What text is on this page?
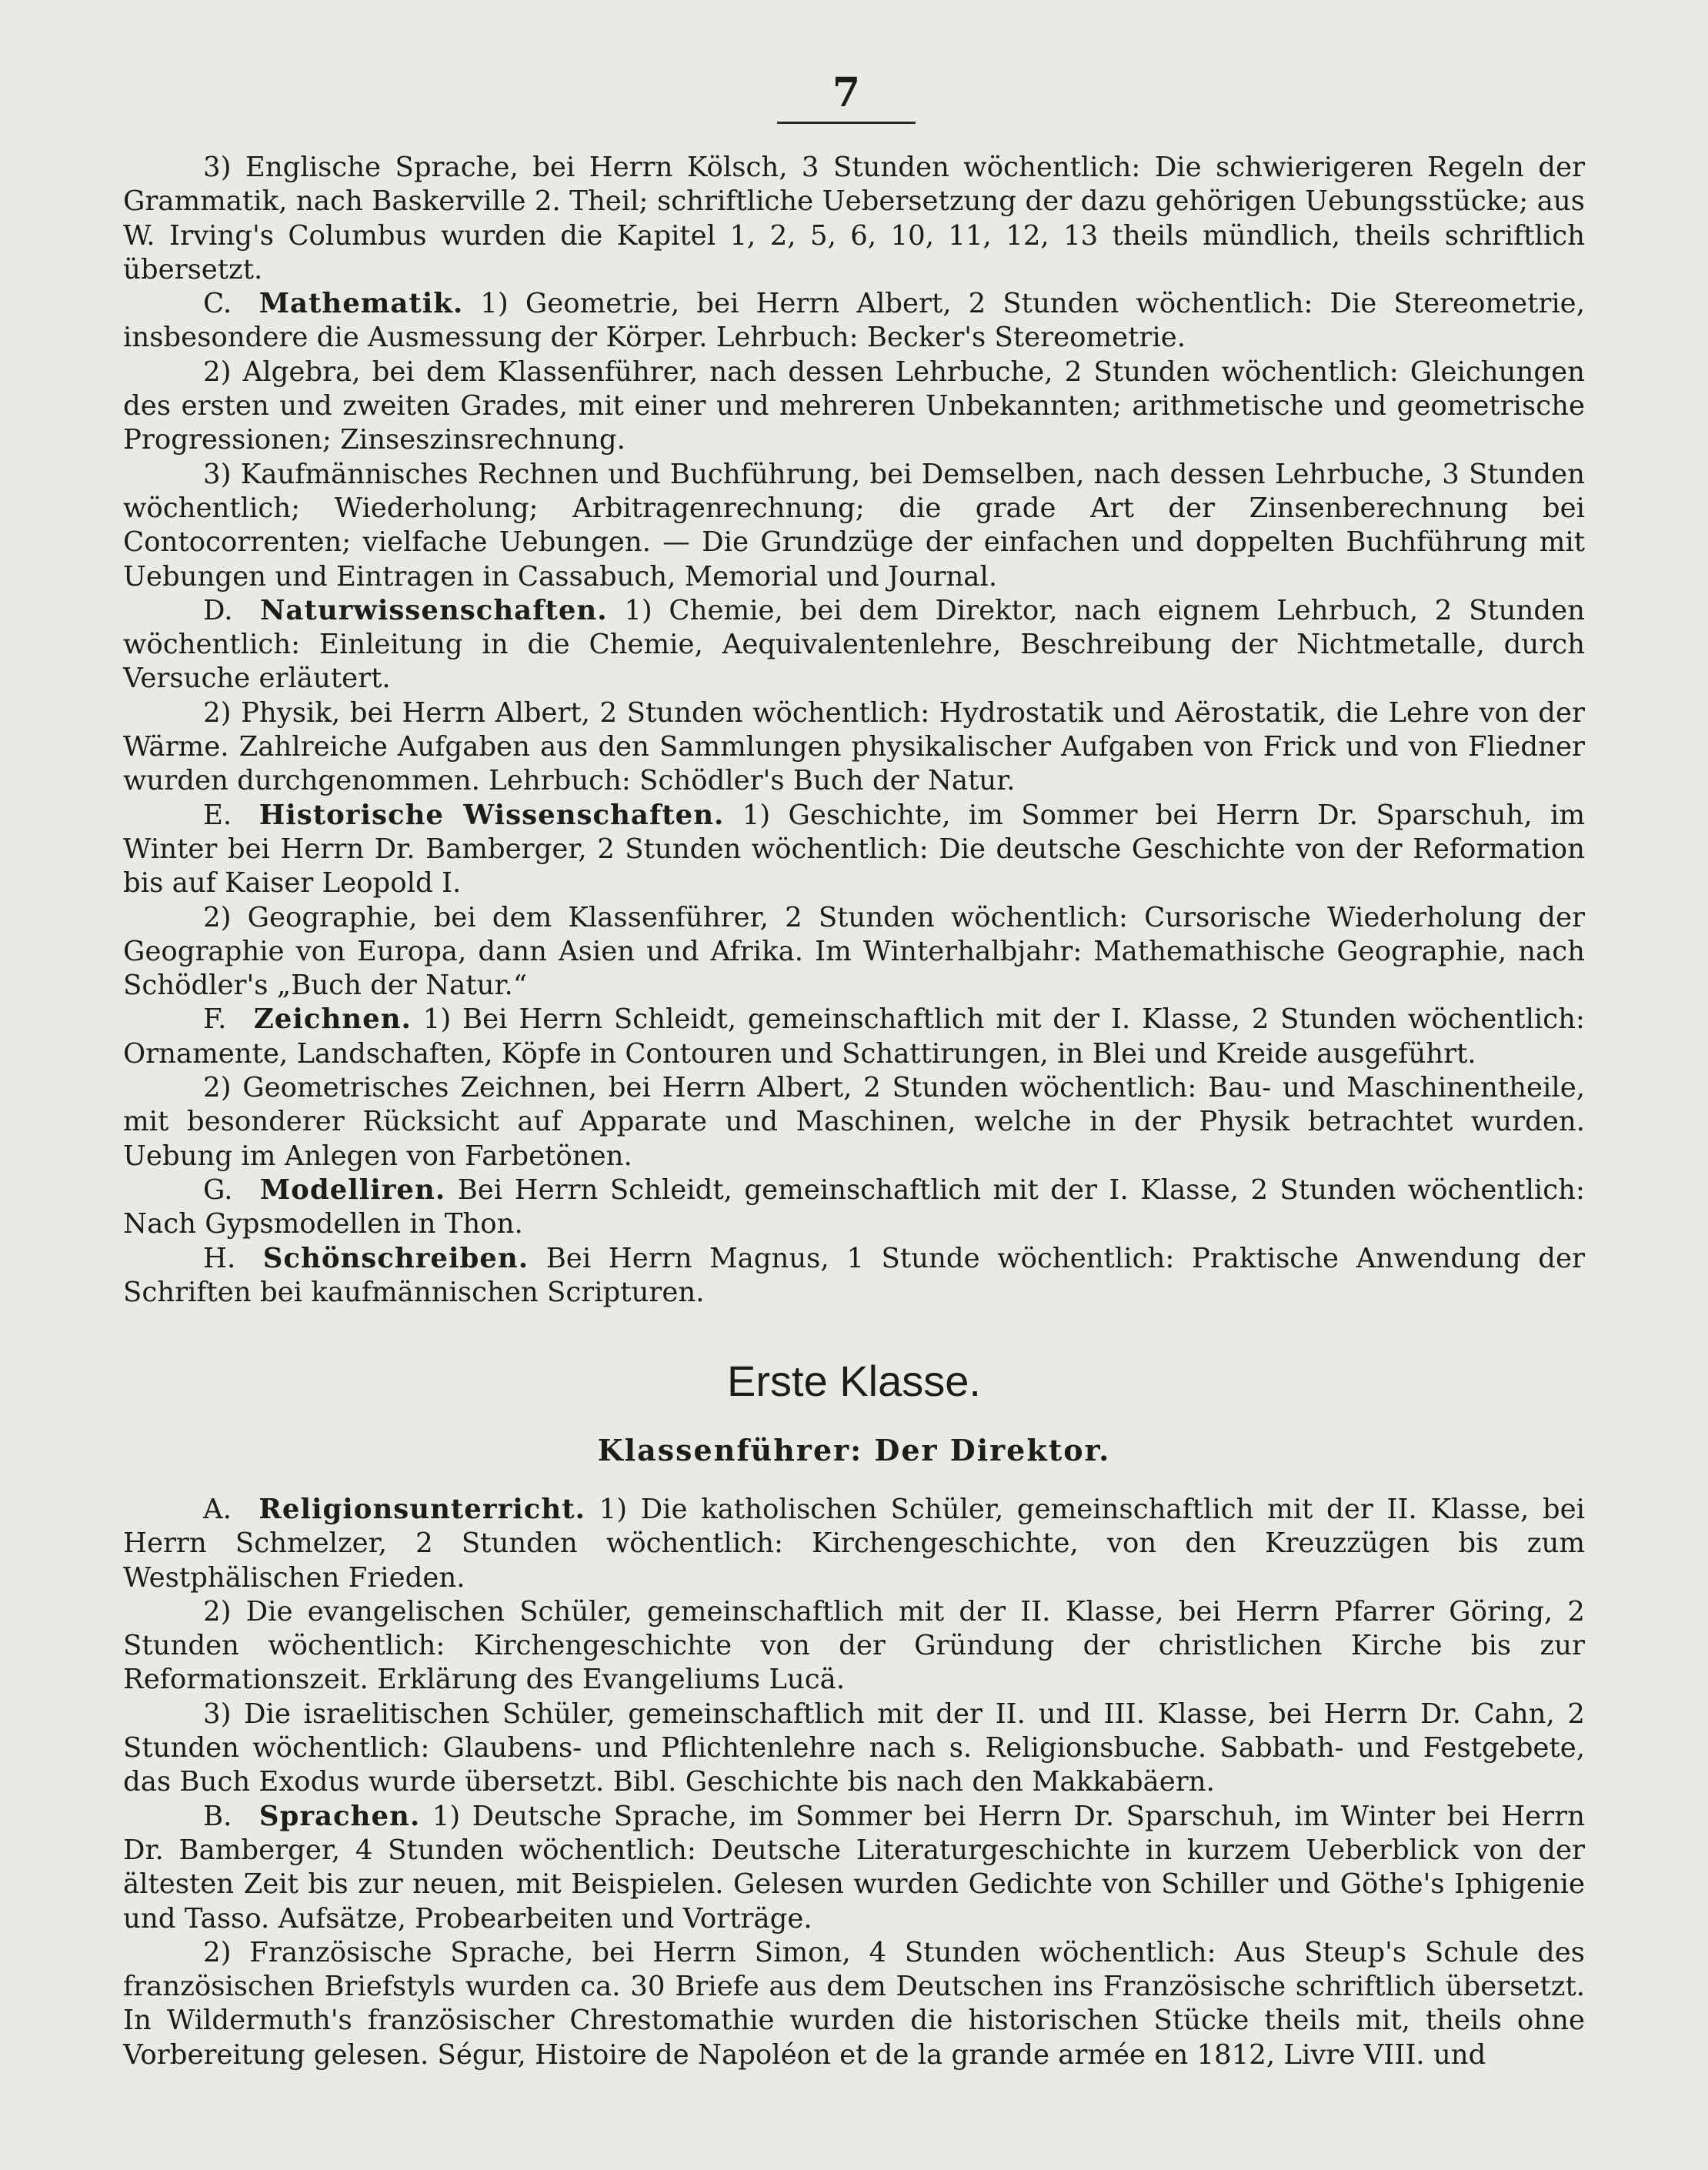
7

3) Englische Sprache, bei Herrn Kölsch, 3 Stunden wöchentlich: Die schwierigeren Regeln der Grammatik, nach Baskerville 2. Theil; schriftliche Uebersetzung der dazu gehörigen Uebungsstücke; aus W. Irving's Columbus wurden die Kapitel 1, 2, 5, 6, 10, 11, 12, 13 theils mündlich, theils schriftlich übersetzt.

C.  Mathematik. 1) Geometrie, bei Herrn Albert, 2 Stunden wöchentlich: Die Stereometrie, insbesondere die Ausmessung der Körper. Lehrbuch: Becker's Stereometrie.

2) Algebra, bei dem Klassenführer, nach dessen Lehrbuche, 2 Stunden wöchentlich: Gleichungen des ersten und zweiten Grades, mit einer und mehreren Unbekannten; arithmetische und geometrische Progressionen; Zinseszinsrechnung.

3) Kaufmännisches Rechnen und Buchführung, bei Demselben, nach dessen Lehrbuche, 3 Stunden wöchentlich; Wiederholung; Arbitragenrechnung; die grade Art der Zinsenberechnung bei Contocorrenten; vielfache Uebungen. — Die Grundzüge der einfachen und doppelten Buchführung mit Uebungen und Eintragen in Cassabuch, Memorial und Journal.

D.  Naturwissenschaften. 1) Chemie, bei dem Direktor, nach eignem Lehrbuch, 2 Stunden wöchentlich: Einleitung in die Chemie, Aequivalentenlehre, Beschreibung der Nichtmetalle, durch Versuche erläutert.

2) Physik, bei Herrn Albert, 2 Stunden wöchentlich: Hydrostatik und Aërostatik, die Lehre von der Wärme. Zahlreiche Aufgaben aus den Sammlungen physikalischer Aufgaben von Frick und von Fliedner wurden durchgenommen. Lehrbuch: Schödler's Buch der Natur.

E.  Historische Wissenschaften. 1) Geschichte, im Sommer bei Herrn Dr. Sparschuh, im Winter bei Herrn Dr. Bamberger, 2 Stunden wöchentlich: Die deutsche Geschichte von der Reformation bis auf Kaiser Leopold I.

2) Geographie, bei dem Klassenführer, 2 Stunden wöchentlich: Cursorische Wiederholung der Geographie von Europa, dann Asien und Afrika. Im Winterhalbjahr: Mathemathische Geographie, nach Schödler's „Buch der Natur.“

F.  Zeichnen. 1) Bei Herrn Schleidt, gemeinschaftlich mit der I. Klasse, 2 Stunden wöchentlich: Ornamente, Landschaften, Köpfe in Contouren und Schattirungen, in Blei und Kreide ausgeführt.

2) Geometrisches Zeichnen, bei Herrn Albert, 2 Stunden wöchentlich: Bau- und Maschinentheile, mit besonderer Rücksicht auf Apparate und Maschinen, welche in der Physik betrachtet wurden. Uebung im Anlegen von Farbetönen.

G.  Modelliren. Bei Herrn Schleidt, gemeinschaftlich mit der I. Klasse, 2 Stunden wöchentlich: Nach Gypsmodellen in Thon.

H.  Schönschreiben. Bei Herrn Magnus, 1 Stunde wöchentlich: Praktische Anwendung der Schriften bei kaufmännischen Scripturen.

Erste Klasse.
Klassenführer: Der Direktor.

A.  Religionsunterricht. 1) Die katholischen Schüler, gemeinschaftlich mit der II. Klasse, bei Herrn Schmelzer, 2 Stunden wöchentlich: Kirchengeschichte, von den Kreuzzügen bis zum Westphälischen Frieden.

2) Die evangelischen Schüler, gemeinschaftlich mit der II. Klasse, bei Herrn Pfarrer Göring, 2 Stunden wöchentlich: Kirchengeschichte von der Gründung der christlichen Kirche bis zur Reformationszeit. Erklärung des Evangeliums Lucä.

3) Die israelitischen Schüler, gemeinschaftlich mit der II. und III. Klasse, bei Herrn Dr. Cahn, 2 Stunden wöchentlich: Glaubens- und Pflichtenlehre nach s. Religionsbuche. Sabbath- und Festgebete, das Buch Exodus wurde übersetzt. Bibl. Geschichte bis nach den Makkabäern.

B.  Sprachen. 1) Deutsche Sprache, im Sommer bei Herrn Dr. Sparschuh, im Winter bei Herrn Dr. Bamberger, 4 Stunden wöchentlich: Deutsche Literaturgeschichte in kurzem Ueberblick von der ältesten Zeit bis zur neuen, mit Beispielen. Gelesen wurden Gedichte von Schiller und Göthe's Iphigenie und Tasso. Aufsätze, Probearbeiten und Vorträge.

2) Französische Sprache, bei Herrn Simon, 4 Stunden wöchentlich: Aus Steup's Schule des französischen Briefstyls wurden ca. 30 Briefe aus dem Deutschen ins Französische schriftlich übersetzt. In Wildermuth's französischer Chrestomathie wurden die historischen Stücke theils mit, theils ohne Vorbereitung gelesen. Ségur, Histoire de Napoléon et de la grande armée en 1812, Livre VIII. und
